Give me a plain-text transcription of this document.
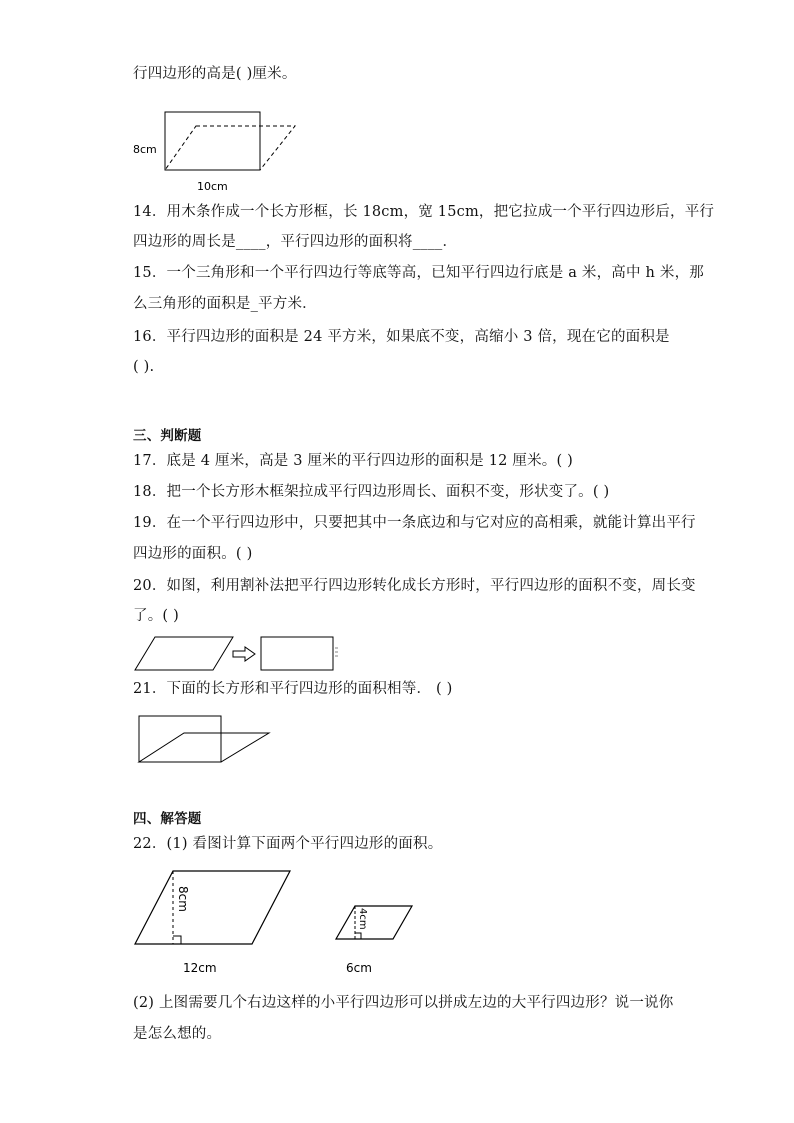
行四边形的高是( )厘米。
8cm
10cm
14．用木条作成一个长方形框，长 18cm，宽 15cm，把它拉成一个平行四边形后，平行
四边形的周长是____，平行四边形的面积将____．
15．一个三角形和一个平行四边行等底等高，已知平行四边行底是 a 米，高中 h 米，那
么三角形的面积是_平方米．
16．平行四边形的面积是 24 平方米，如果底不变，高缩小 3 倍，现在它的面积是
( ).
三、判断题
17．底是 4 厘米，高是 3 厘米的平行四边形的面积是 12 厘米。( )
18．把一个长方形木框架拉成平行四边形周长、面积不变，形状变了。( )
19．在一个平行四边形中，只要把其中一条底边和与它对应的高相乘，就能计算出平行
四边形的面积。( )
20．如图，利用割补法把平行四边形转化成长方形时，平行四边形的面积不变，周长变
了。( )
21．下面的长方形和平行四边形的面积相等． ( )
四、解答题
22．(1) 看图计算下面两个平行四边形的面积。
8cm
12cm
4cm
6cm
(2) 上图需要几个右边这样的小平行四边形可以拼成左边的大平行四边形？说一说你
是怎么想的。
